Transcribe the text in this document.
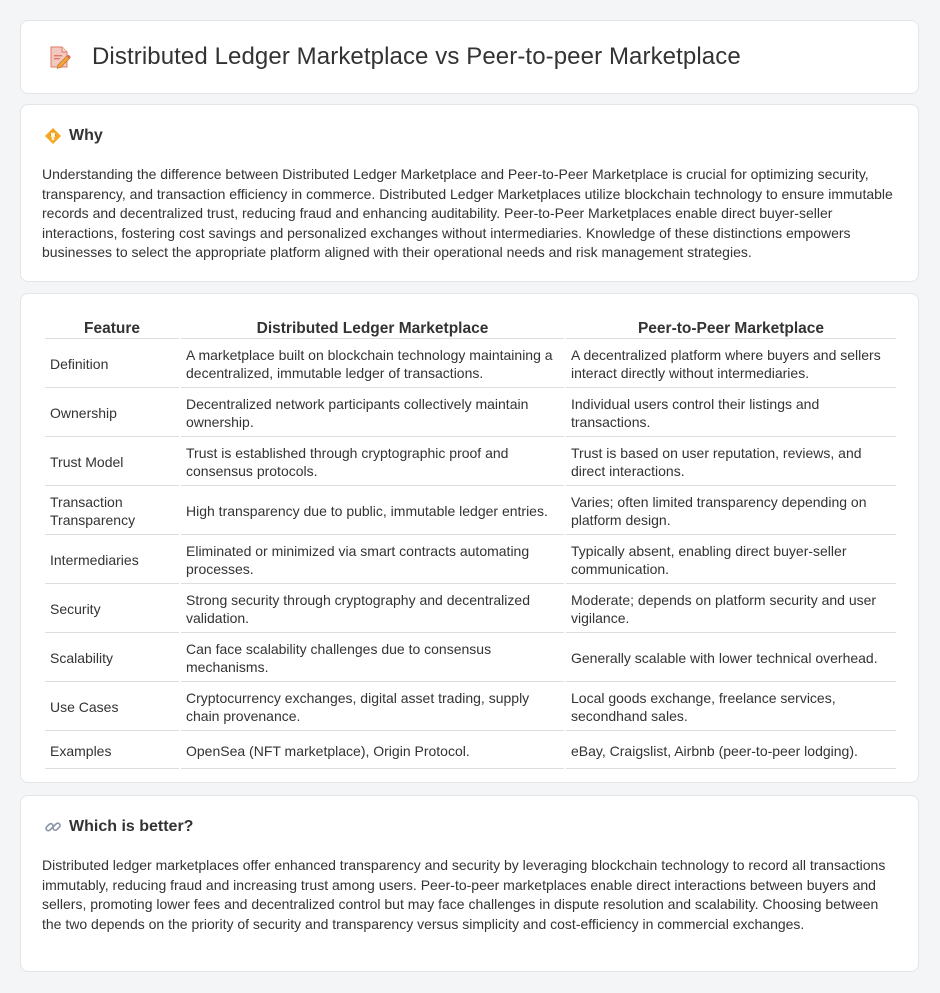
Distributed Ledger Marketplace vs Peer-to-peer Marketplace
Why

Understanding the difference between Distributed Ledger Marketplace and Peer-to-Peer Marketplace is crucial for optimizing security, transparency, and transaction efficiency in commerce. Distributed Ledger Marketplaces utilize blockchain technology to ensure immutable records and decentralized trust, reducing fraud and enhancing auditability. Peer-to-Peer Marketplaces enable direct buyer-seller interactions, fostering cost savings and personalized exchanges without intermediaries. Knowledge of these distinctions empowers businesses to select the appropriate platform aligned with their operational needs and risk management strategies.

Feature	Distributed Ledger Marketplace	Peer-to-Peer Marketplace
Definition	A marketplace built on blockchain technology maintaining a decentralized, immutable ledger of transactions.	A decentralized platform where buyers and sellers interact directly without intermediaries.
Ownership	Decentralized network participants collectively maintain ownership.	Individual users control their listings and transactions.
Trust Model	Trust is established through cryptographic proof and consensus protocols.	Trust is based on user reputation, reviews, and direct interactions.
Transaction Transparency	High transparency due to public, immutable ledger entries.	Varies; often limited transparency depending on platform design.
Intermediaries	Eliminated or minimized via smart contracts automating processes.	Typically absent, enabling direct buyer-seller communication.
Security	Strong security through cryptography and decentralized validation.	Moderate; depends on platform security and user vigilance.
Scalability	Can face scalability challenges due to consensus mechanisms.	Generally scalable with lower technical overhead.
Use Cases	Cryptocurrency exchanges, digital asset trading, supply chain provenance.	Local goods exchange, freelance services, secondhand sales.
Examples	OpenSea (NFT marketplace), Origin Protocol.	eBay, Craigslist, Airbnb (peer-to-peer lodging).
Which is better?

Distributed ledger marketplaces offer enhanced transparency and security by leveraging blockchain technology to record all transactions immutably, reducing fraud and increasing trust among users. Peer-to-peer marketplaces enable direct interactions between buyers and sellers, promoting lower fees and decentralized control but may face challenges in dispute resolution and scalability. Choosing between the two depends on the priority of security and transparency versus simplicity and cost-efficiency in commercial exchanges.
